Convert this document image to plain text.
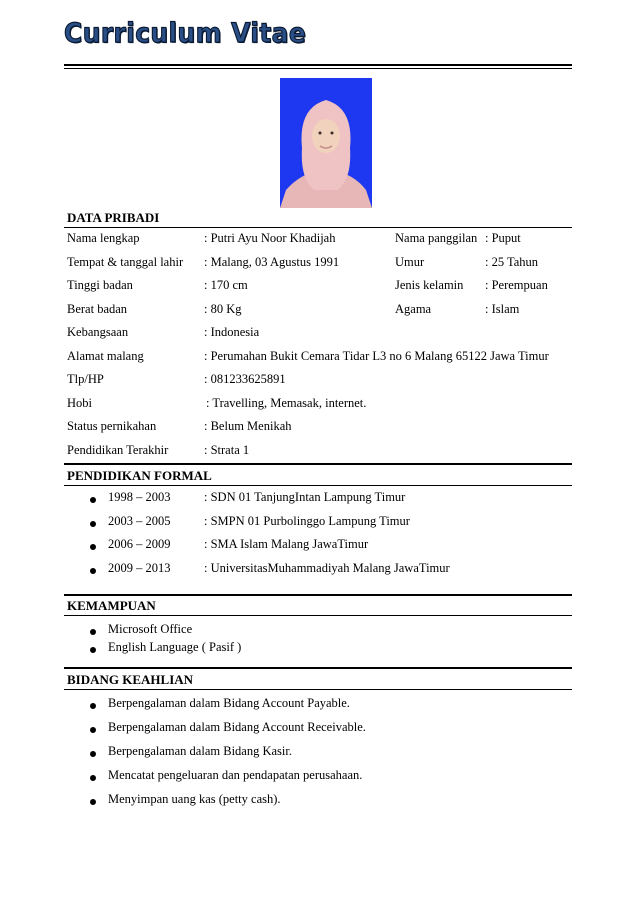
Curriculum Vitae
DATA PRIBADI
Nama lengkap	: Putri Ayu Noor Khadijah	Nama panggilan : Puput
Tempat & tanggal lahir : Malang, 03 Agustus 1991	Umur	: 25 Tahun
Tinggi badan	: 170 cm	Jenis kelamin : Perempuan
Berat badan	: 80 Kg	Agama	: Islam
Kebangsaan	: Indonesia
Alamat malang	: Perumahan Bukit Cemara Tidar L3 no 6 Malang 65122 Jawa Timur
Tlp/HP	: 081233625891
Hobi	: Travelling, Memasak, internet.
Status pernikahan	: Belum Menikah
Pendidikan Terakhir	: Strata 1
PENDIDIKAN FORMAL
1998 – 2003	: SDN 01 TanjungIntan Lampung Timur
2003 – 2005	: SMPN 01 Purbolinggo Lampung Timur
2006 – 2009	: SMA Islam Malang JawaTimur
2009 – 2013	: UniversitasMuhammadiyah Malang JawaTimur
KEMAMPUAN
Microsoft Office
English Language ( Pasif )
BIDANG KEAHLIAN
Berpengalaman dalam Bidang Account Payable.
Berpengalaman dalam Bidang Account Receivable.
Berpengalaman dalam Bidang Kasir.
Mencatat pengeluaran dan pendapatan perusahaan.
Menyimpan uang kas (petty cash).
